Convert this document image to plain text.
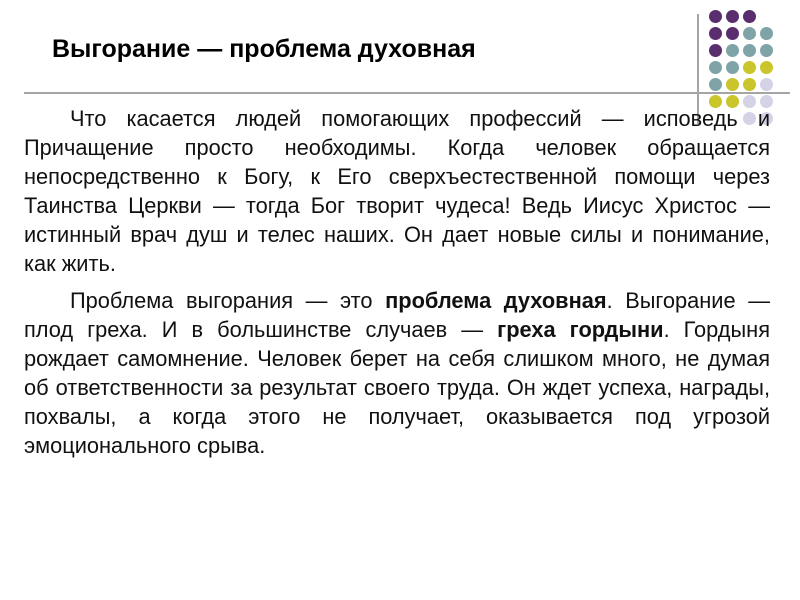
Выгорание — проблема духовная

Что касается людей помогающих профессий — исповедь и Причащение просто необходимы. Когда человек обращается непосредственно к Богу, к Его сверхъестественной помощи через Таинства Церкви — тогда Бог творит чудеса! Ведь Иисус Христос — истинный врач душ и телес наших. Он дает новые силы и понимание, как жить.

Проблема выгорания — это проблема духовная. Выгорание — плод греха. И в большинстве случаев — греха гордыни. Гордыня рождает самомнение. Человек берет на себя слишком много, не думая об ответственности за результат своего труда. Он ждет успеха, награды, похвалы, а когда этого не получает, оказывается под угрозой эмоционального срыва.
